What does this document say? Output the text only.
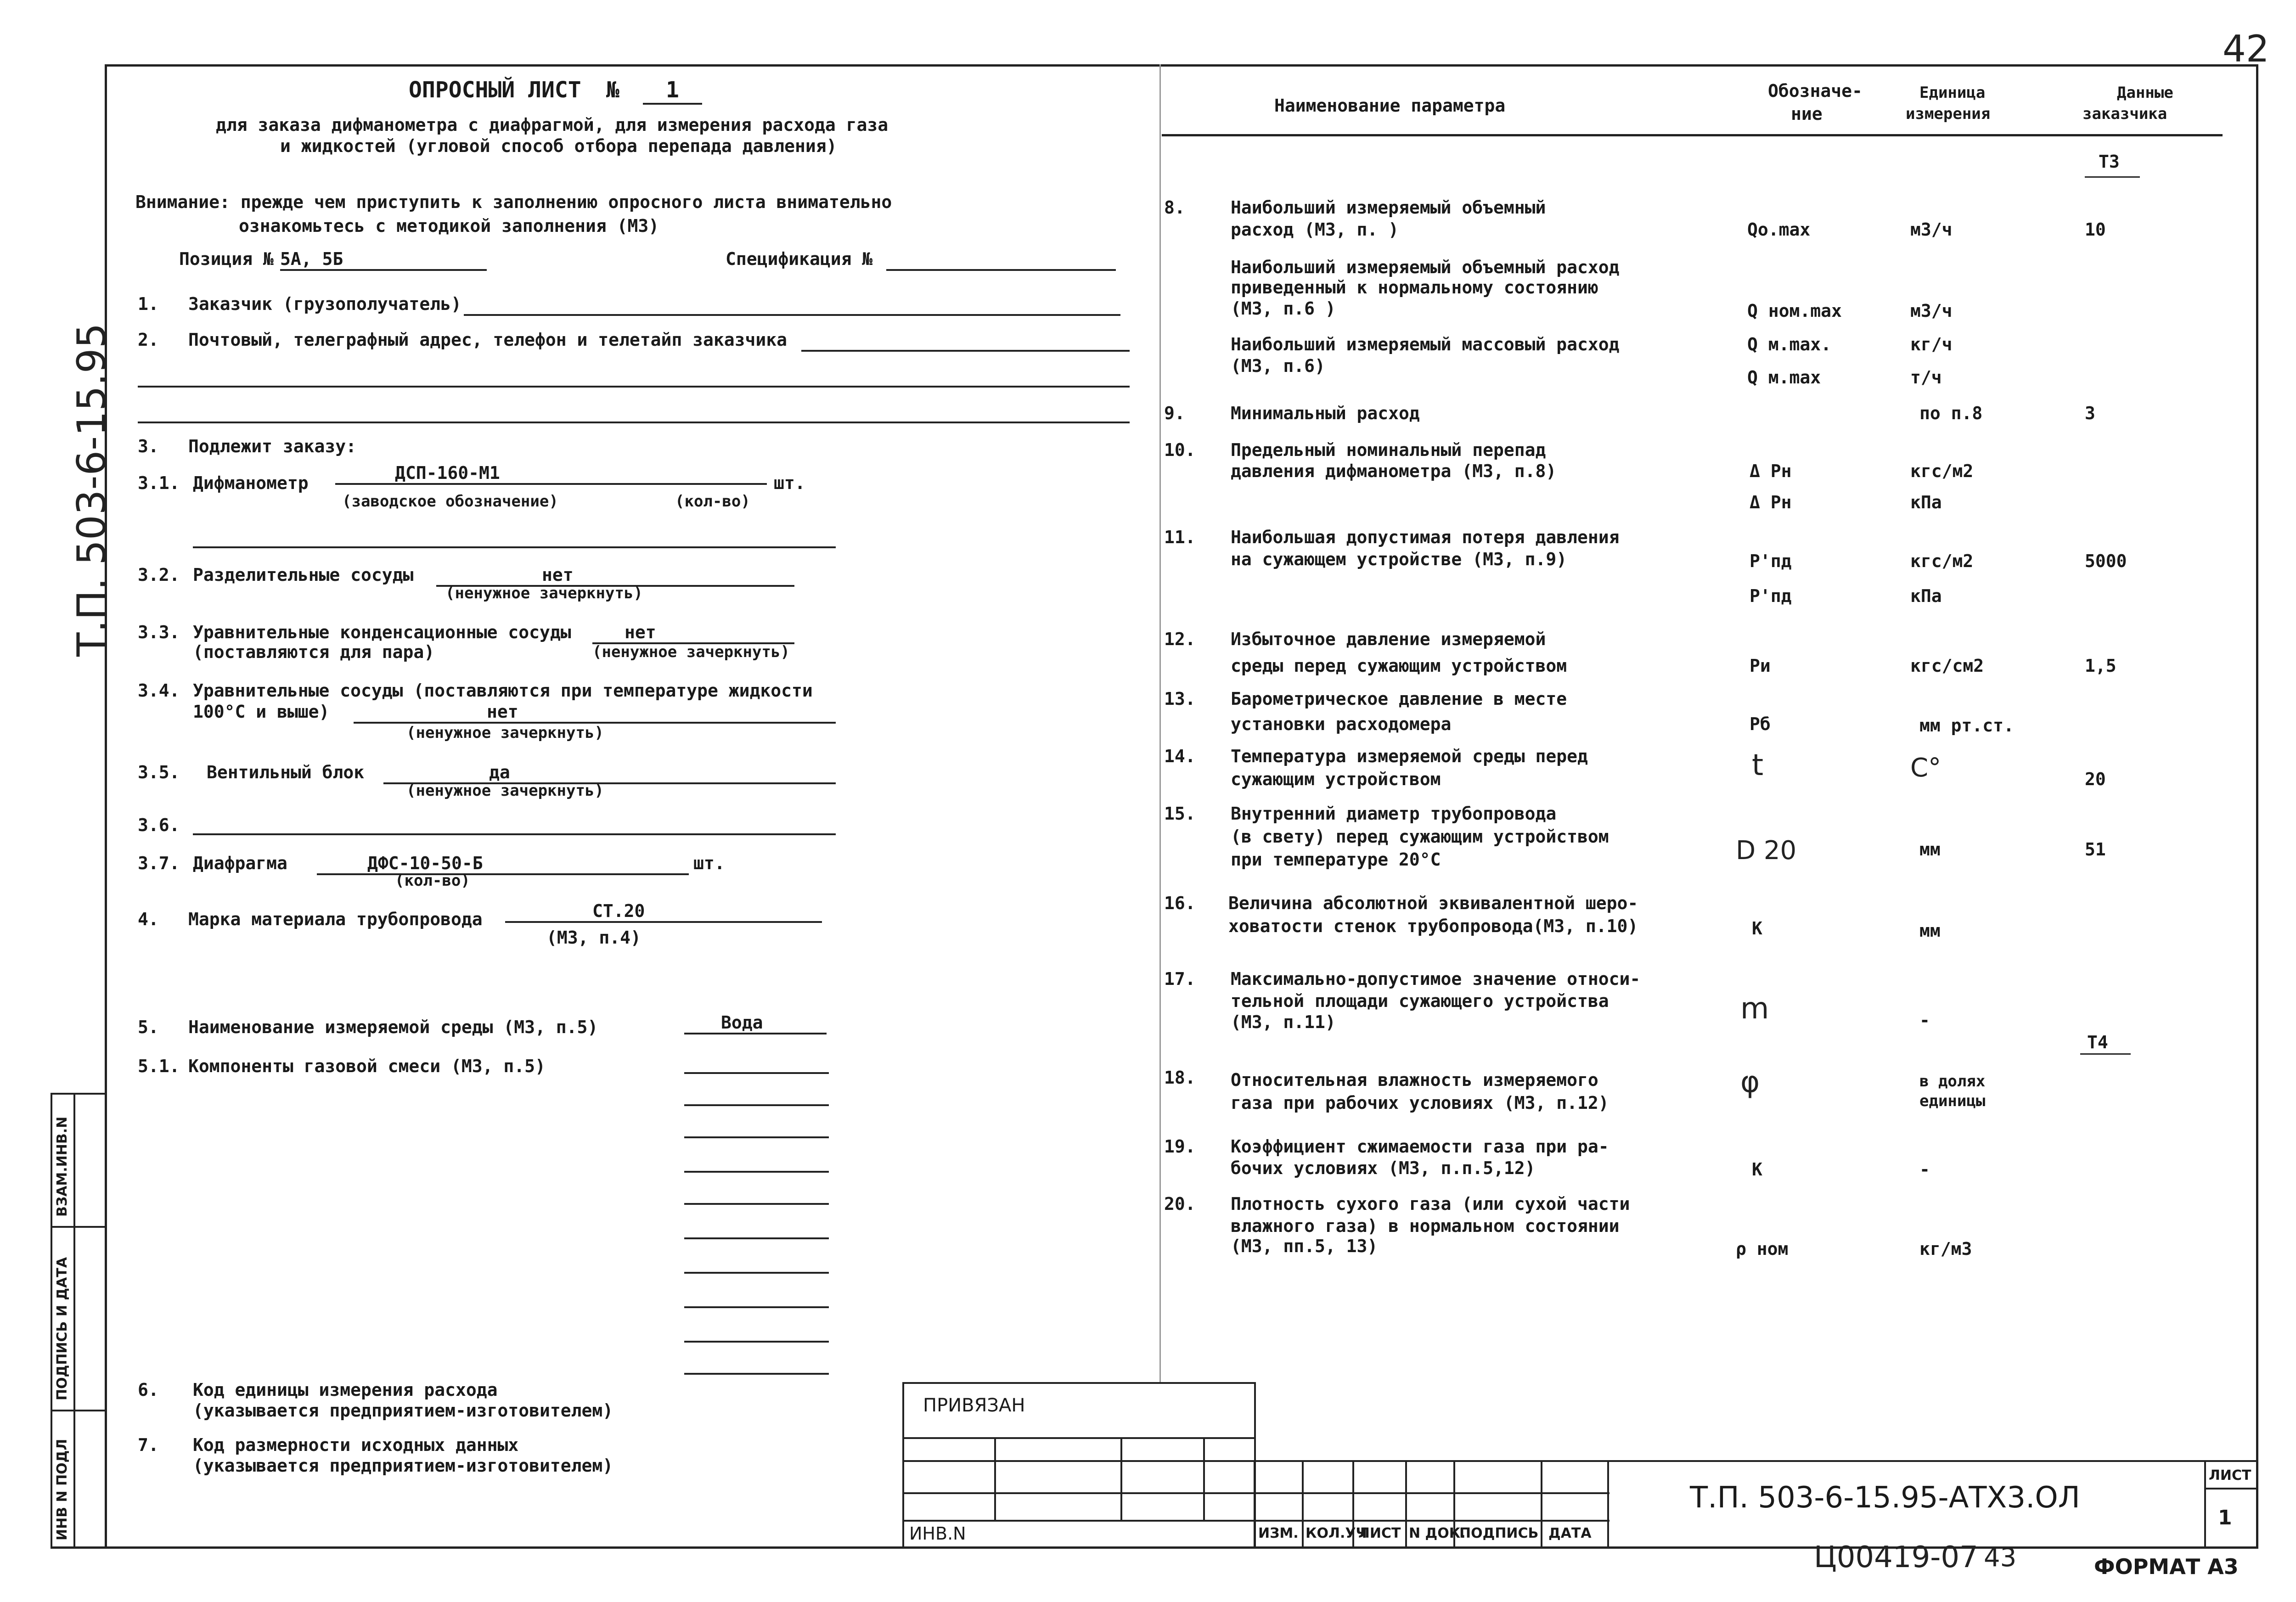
42
Т.П. 503-6-15.95
ВЗАМ.ИНВ.N
ПОДПИСЬ И ДАТА
ИНВ N ПОДЛ
ОПРОСНЫЙ ЛИСТ №	1
для заказа дифманометра с диафрагмой, для измерения расхода газа
и жидкостей (угловой способ отбора перепада давления)
Внимание: прежде чем приступить к заполнению опросного листа внимательно
ознакомьтесь с методикой заполнения (МЗ)
Позиция № 5А, 5Б	Спецификация №
1. Заказчик (грузополучатель)
2. Почтовый, телеграфный адрес, телефон и телетайп заказчика
3. Подлежит заказу:
3.1. Дифманометр	ДСП-160-М1	шт.
(заводское обозначение)	(кол-во)
3.2. Разделительные сосуды	нет
(ненужное зачеркнуть)
3.3. Уравнительные конденсационные сосуды
(поставляются для пара)
нет
(ненужное зачеркнуть)
3.4. Уравнительные сосуды (поставляются при температуре жидкости
100°С и выше)	нет
(ненужное зачеркнуть)
3.5. Вентильный блок	да
(ненужное зачеркнуть)
3.6.
3.7. Диафрагма	ДФС-10-50-Б	шт.
(кол-во)
4. Марка материала трубопровода	СТ.20
(МЗ, п.4)
5. Наименование измеряемой среды (МЗ, п.5)	Вода
5.1. Компоненты газовой смеси (МЗ, п.5)
6. Код единицы измерения расхода
(указывается предприятием-изготовителем)
7. Код размерности исходных данных
(указывается предприятием-изготовителем)
Наименование параметра
Обозначе-
ние
Единица
измерения
Данные
заказчика
Т3
8.	Наибольший измеряемый объемный
расход (МЗ, п. )	Qо.max	м3/ч	10
Наибольший измеряемый объемный расход
приведенный к нормальному состоянию
(МЗ, п.6 )	Q ном.max	м3/ч
Наибольший измеряемый массовый расход
(МЗ, п.6)
Q м.max.	кг/ч
Q м.max	т/ч
9.	Минимальный расход	по п.8	3
10. Предельный номинальный перепад
давления дифманометра (МЗ, п.8)	Δ Рн	кгс/м2
Δ Рн	кПа
11. Наибольшая допустимая потеря давления
на сужающем устройстве (МЗ, п.9)	Р'пд	кгс/м2	5000
Р'пд	кПа
12. Избыточное давление измеряемой
среды перед сужающим устройством	Ри	кгс/см2	1,5
13. Барометрическое давление в месте
установки расходомера	Рб	мм рт.ст.
14. Температура измеряемой среды перед
сужающим устройством	t	С°	20
15. Внутренний диаметр трубопровода
(в свету) перед сужающим устройством
при температуре 20°С	D 20	мм	51
16. Величина абсолютной эквивалентной шеро-
ховатости стенок трубопровода(МЗ, п.10)	К	мм
17. Максимально-допустимое значение относи-
тельной площади сужающего устройства
(МЗ, п.11)	m	-
Т4
18. Относительная влажность измеряемого
газа при рабочих условиях (МЗ, п.12)
φ	в долях
единицы
19. Коэффициент сжимаемости газа при ра-
бочих условиях (МЗ, п.п.5,12)	К	-
20. Плотность сухого газа (или сухой части
влажного газа) в нормальном состоянии
(МЗ, пп.5, 13)	ρ ном	кг/м3
ПРИВЯЗАН
ИНВ.N	ИЗМ. КОЛ.УЧ
ЛИСТ N ДОК.
ПОДПИСЬ ДАТА
Т.П. 503-6-15.95-АТХ3.ОЛ
ЛИСТ
1
Ц00419-07 43	ФОРМАТ А3
